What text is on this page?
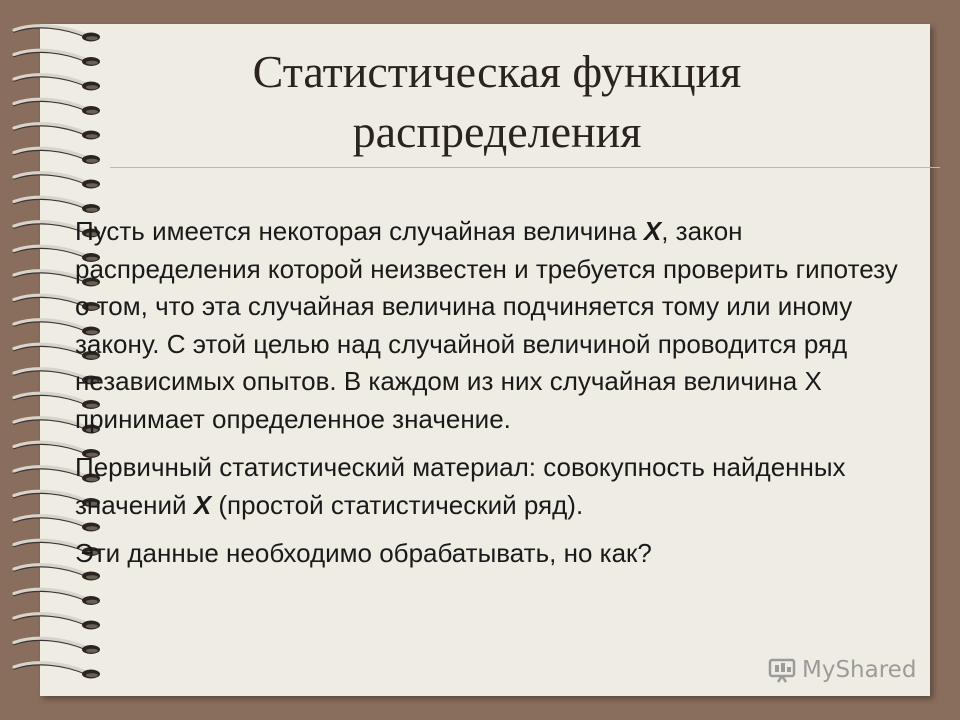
Статистическая функция
распределения

Пусть имеется некоторая случайная величина X, закон распределения которой неизвестен и требуется проверить гипотезу о том, что эта случайная величина подчиняется тому или иному закону. С этой целью над случайной величиной проводится ряд независимых опытов. В каждом из них случайная величина Х принимает определенное значение.

Первичный статистический материал: совокупность найденных значений X (простой статистический ряд).

Эти данные необходимо обрабатывать, но как?

MyShared
